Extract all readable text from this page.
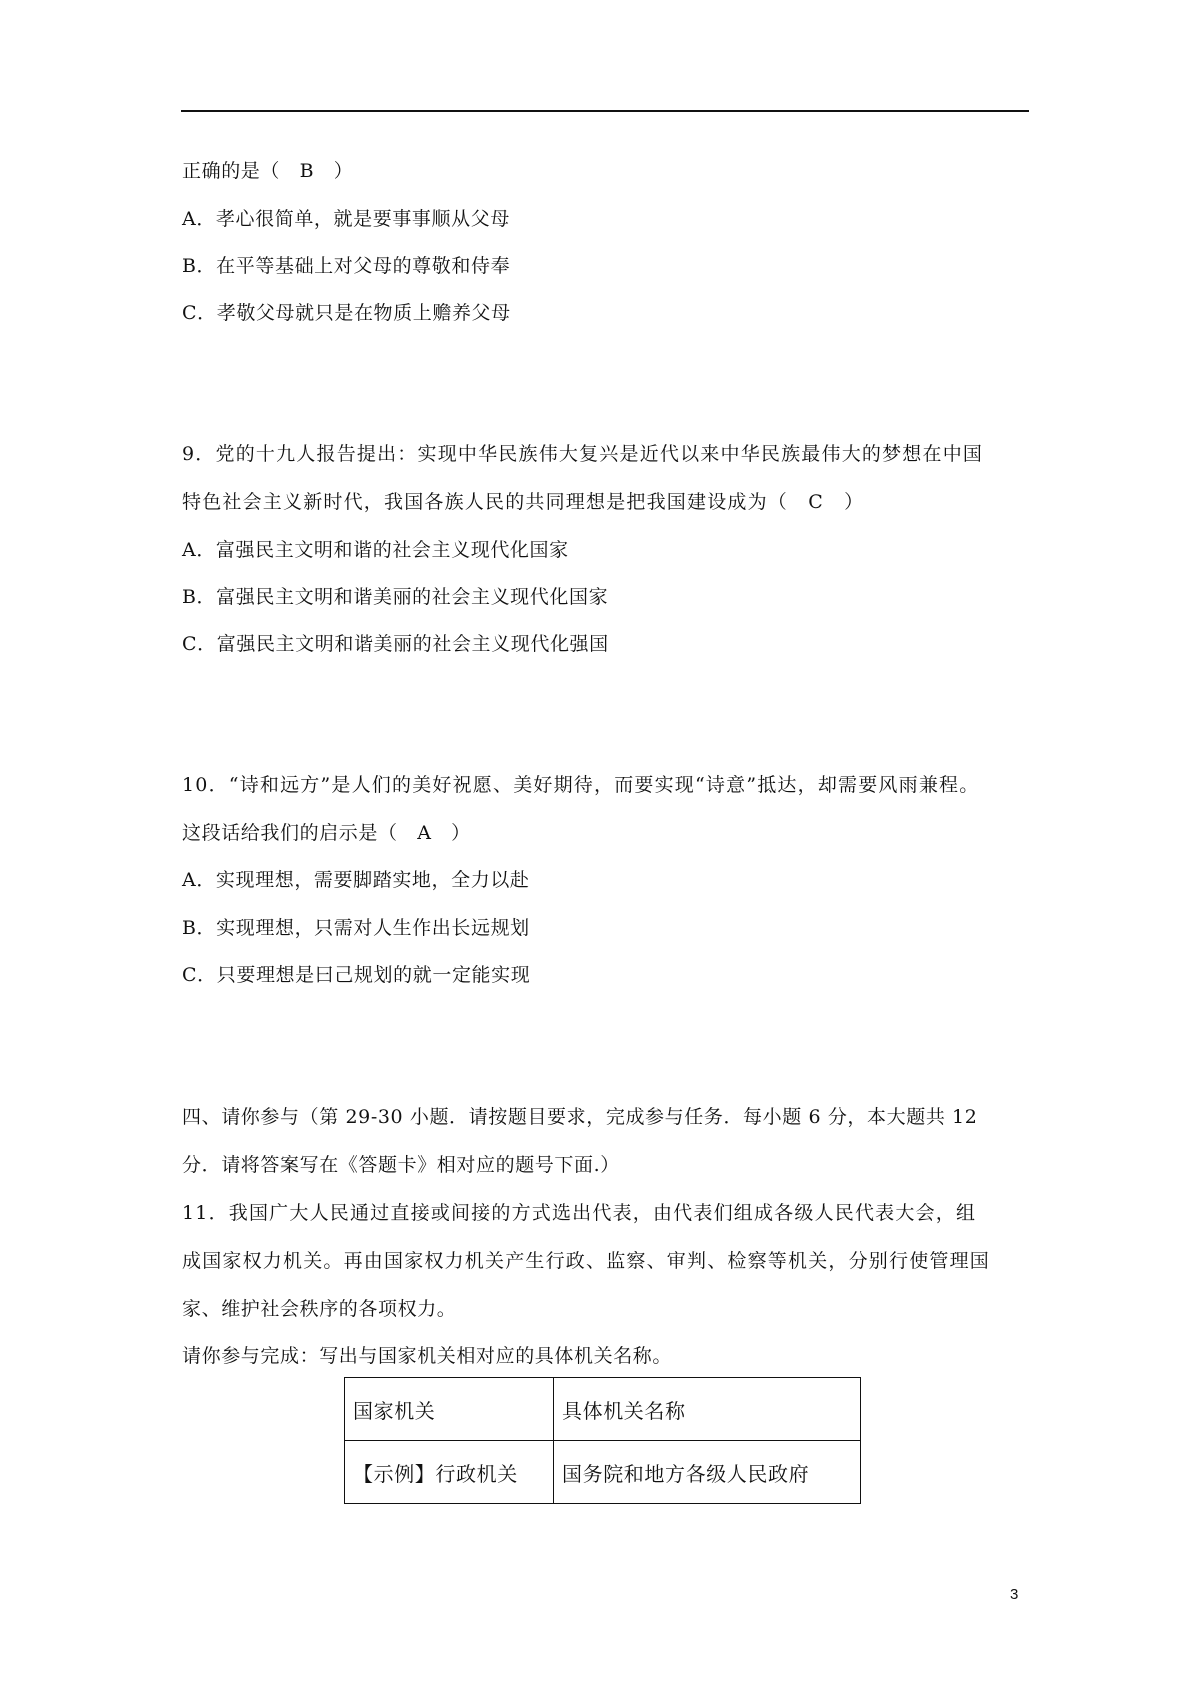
正确的是（　B　）
A．孝心很简单，就是要事事顺从父母
B．在平等基础上对父母的尊敬和侍奉
C．孝敬父母就只是在物质上赡养父母
9．党的十九人报告提出：实现中华民族伟大复兴是近代以来中华民族最伟大的梦想在中国
特色社会主义新时代，我国各族人民的共同理想是把我国建设成为（　C　）
A．富强民主文明和谐的社会主义现代化国家
B．富强民主文明和谐美丽的社会主义现代化国家
C．富强民主文明和谐美丽的社会主义现代化强国
10．“诗和远方”是人们的美好祝愿、美好期待，而要实现“诗意”抵达，却需要风雨兼程。
这段话给我们的启示是（　A　）
A．实现理想，需要脚踏实地，全力以赴
B．实现理想，只需对人生作出长远规划
C．只要理想是曰己规划的就一定能实现
四、请你参与（第 29-30 小题．请按题目要求，完成参与任务．每小题 6 分，本大题共 12
分．请将答案写在《答题卡》相对应的题号下面.）
11．我国广大人民通过直接或间接的方式选出代表，由代表们组成各级人民代表大会，组
成国家权力机关。再由国家权力机关产生行政、监察、审判、检察等机关，分别行使管理国
家、维护社会秩序的各项权力。
请你参与完成：写出与国家机关相对应的具体机关名称。
国家机关	具体机关名称
【示例】行政机关	国务院和地方各级人民政府
3
